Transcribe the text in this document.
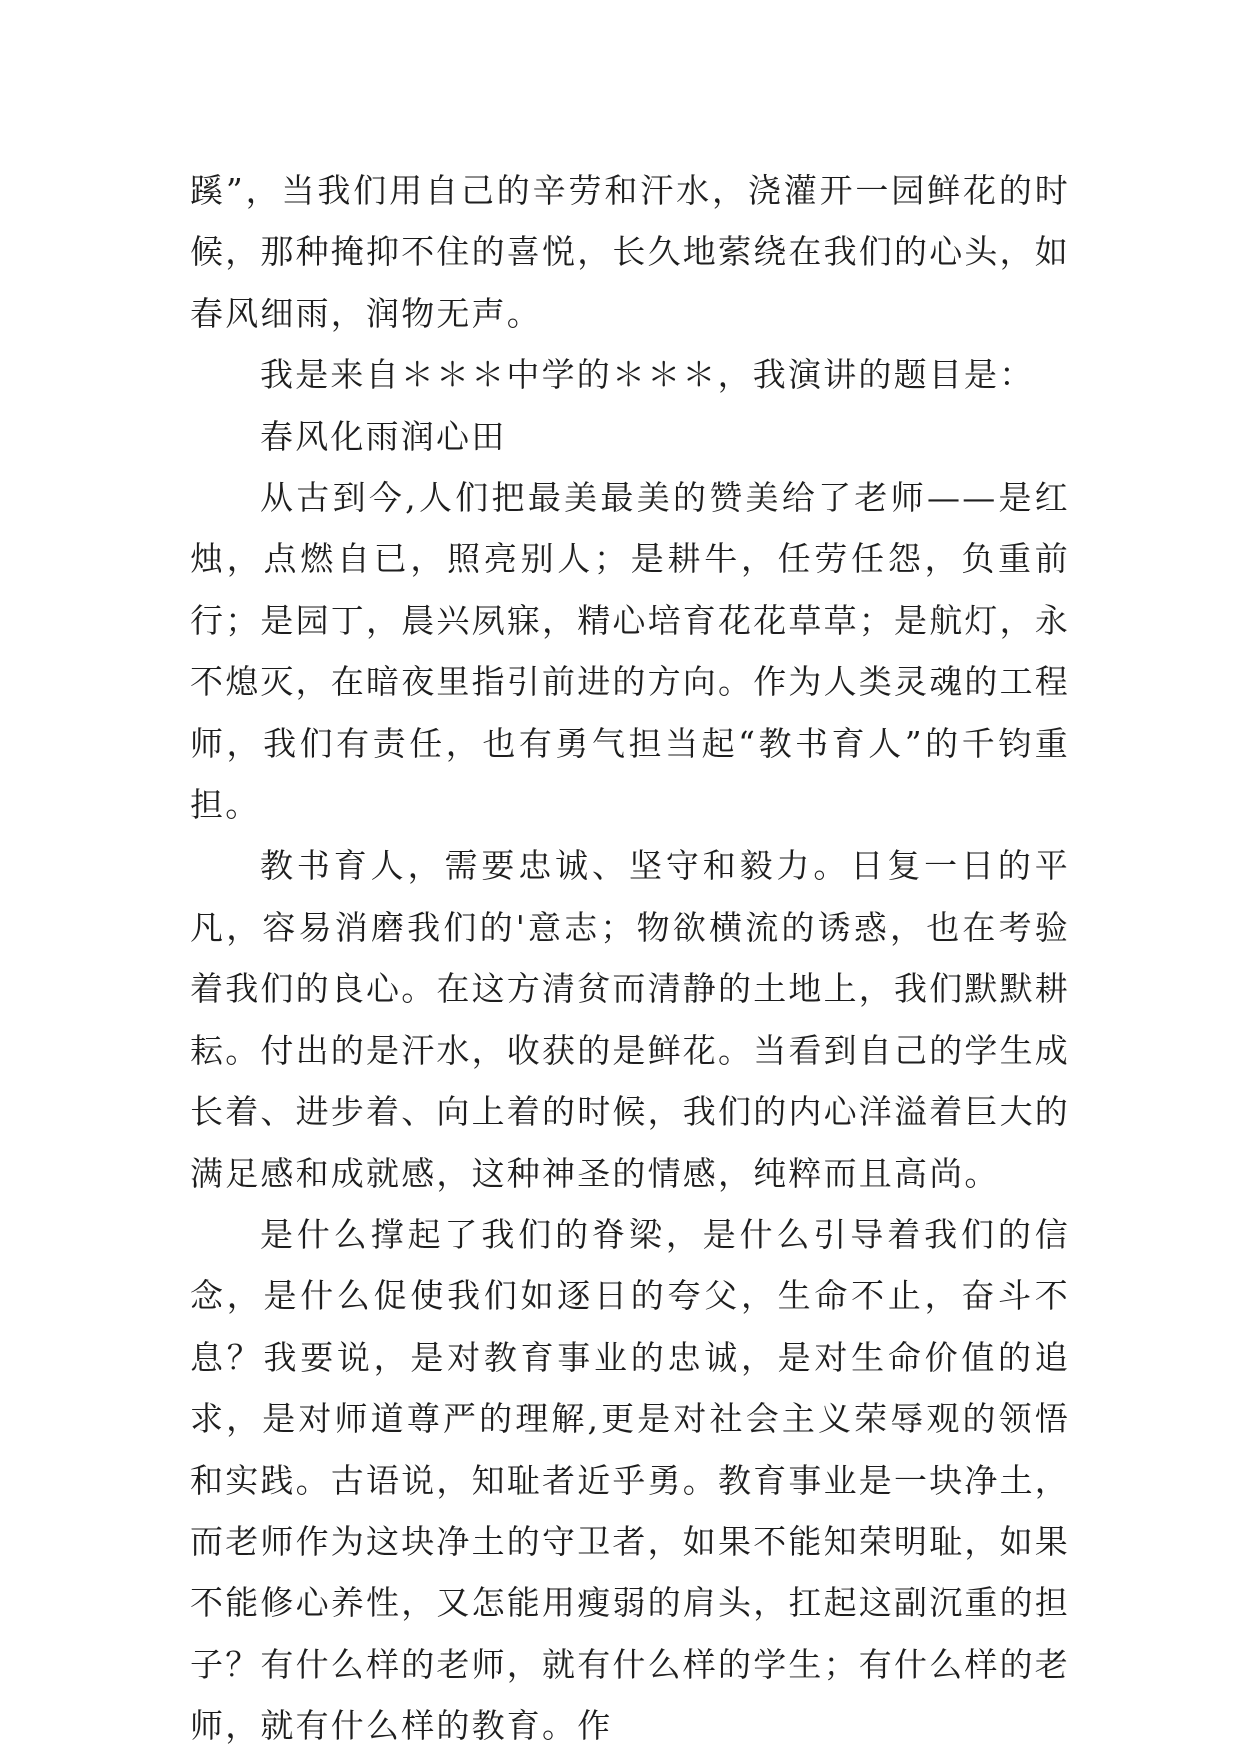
蹊”，当我们用自己的辛劳和汗水，浇灌开一园鲜花的时候，那种掩抑不住的喜悦，长久地萦绕在我们的心头，如春风细雨，润物无声。

我是来自＊＊＊中学的＊＊＊，我演讲的题目是：

春风化雨润心田

从古到今,人们把最美最美的赞美给了老师——是红烛，点燃自已，照亮别人；是耕牛，任劳任怨，负重前行；是园丁，晨兴夙寐，精心培育花花草草；是航灯，永不熄灭，在暗夜里指引前进的方向。作为人类灵魂的工程师，我们有责任，也有勇气担当起“教书育人”的千钧重担。

教书育人，需要忠诚、坚守和毅力。日复一日的平凡，容易消磨我们的'意志；物欲横流的诱惑，也在考验着我们的良心。在这方清贫而清静的土地上，我们默默耕耘。付出的是汗水，收获的是鲜花。当看到自己的学生成长着、进步着、向上着的时候，我们的内心洋溢着巨大的满足感和成就感，这种神圣的情感，纯粹而且高尚。

是什么撑起了我们的脊梁，是什么引导着我们的信念，是什么促使我们如逐日的夸父，生命不止，奋斗不息？我要说，是对教育事业的忠诚，是对生命价值的追求，是对师道尊严的理解,更是对社会主义荣辱观的领悟和实践。古语说，知耻者近乎勇。教育事业是一块净土，而老师作为这块净土的守卫者，如果不能知荣明耻，如果不能修心养性，又怎能用瘦弱的肩头，扛起这副沉重的担子？有什么样的老师，就有什么样的学生；有什么样的老师，就有什么样的教育。作
